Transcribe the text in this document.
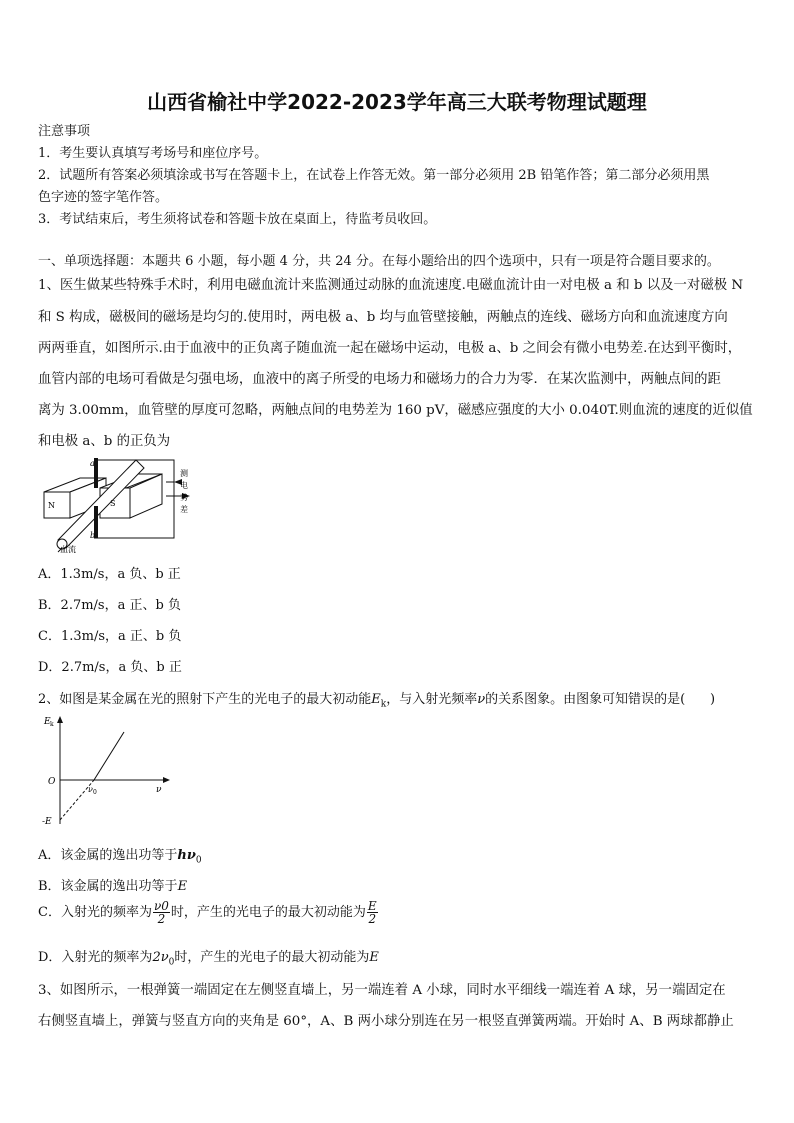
山西省榆社中学2022-2023学年高三大联考物理试题理
注意事项
1．考生要认真填写考场号和座位序号。
2．试题所有答案必须填涂或书写在答题卡上，在试卷上作答无效。第一部分必须用 2B 铅笔作答；第二部分必须用黑
色字迹的签字笔作答。
3．考试结束后，考生须将试卷和答题卡放在桌面上，待监考员收回。
一、单项选择题：本题共 6 小题，每小题 4 分，共 24 分。在每小题给出的四个选项中，只有一项是符合题目要求的。
1、医生做某些特殊手术时，利用电磁血流计来监测通过动脉的血流速度.电磁血流计由一对电极 a 和 b 以及一对磁极 N
和 S 构成，磁极间的磁场是均匀的.使用时，两电极 a、b 均与血管壁接触，两触点的连线、磁场方向和血流速度方向
两两垂直，如图所示.由于血液中的正负离子随血流一起在磁场中运动，电极 a、b 之间会有微小电势差.在达到平衡时，
血管内部的电场可看做是匀强电场，血液中的离子所受的电场力和磁场力的合力为零．在某次监测中，两触点间的距
离为 3.00mm，血管壁的厚度可忽略，两触点间的电势差为 160 pV，磁感应强度的大小 0.040T.则血流的速度的近似值
和电极 a、b 的正负为
a
b
N	S
血流
测
电
势
差
A．1.3m/s，a 负、b 正
B．2.7m/s，a 正、b 负
C．1.3m/s，a 正、b 负
D．2.7m/s，a 负、b 正
2、如图是某金属在光的照射下产生的光电子的最大初动能$E_k$，与入射光频率ν的关系图象。由图象可知错误的是(      )
E k
O
ν
ν 0
-E
A．该金属的逸出功等于$h\nu_0$
B．该金属的逸出功等于E
C．入射光的频率为 $\frac{\nu 0}{2}$ 时，产生的光电子的最大初动能为 $\frac{E}{2}$
D．入射光的频率为$2\nu_0$时，产生的光电子的最大初动能为E
3、如图所示，一根弹簧一端固定在左侧竖直墙上，另一端连着 A 小球，同时水平细线一端连着 A 球，另一端固定在
右侧竖直墙上，弹簧与竖直方向的夹角是 60°，A、B 两小球分别连在另一根竖直弹簧两端。开始时 A、B 两球都静止
